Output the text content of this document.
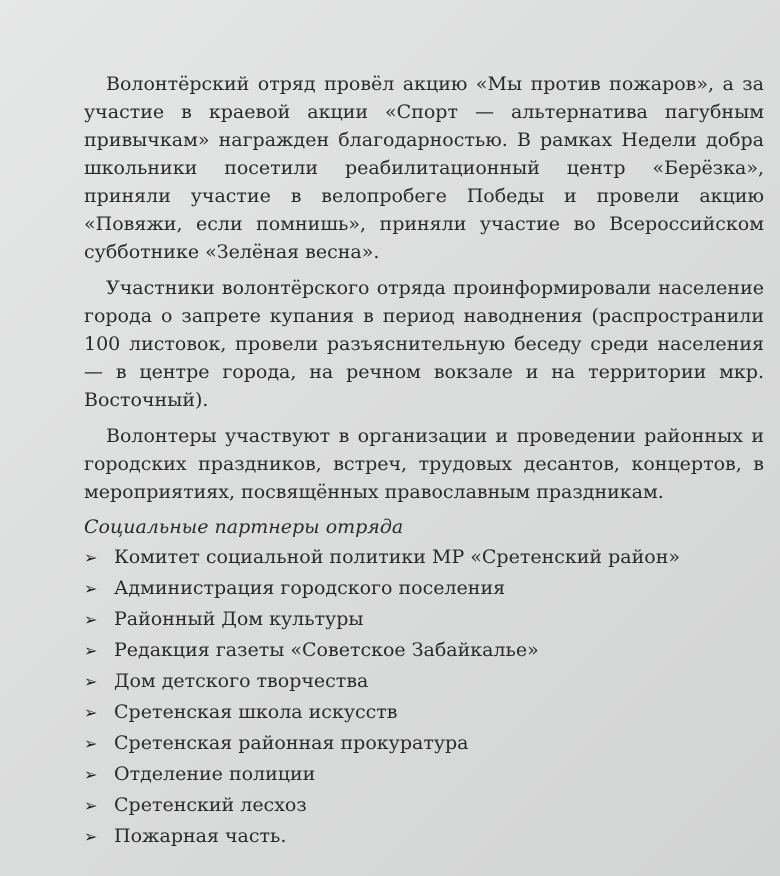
Волонтёрский отряд провёл акцию «Мы против пожаров», а за участие в краевой акции «Спорт — альтернатива пагубным привычкам» награжден благодарностью. В рамках Недели добра школьники посетили реабилитационный центр «Берёзка», приняли участие в велопробеге Победы и провели акцию «Повяжи, если помнишь», приняли участие во Всероссийском субботнике «Зелёная весна».

Участники волонтёрского отряда проинформировали население города о запрете купания в период наводнения (распространили 100 листовок, провели разъяснительную беседу среди населения — в центре города, на речном вокзале и на территории мкр. Восточный).

Волонтеры участвуют в организации и проведении районных и городских праздников, встреч, трудовых десантов, концертов, в мероприятиях, посвящённых православным праздникам.

Социальные партнеры отряда

➢ Комитет социальной политики МР «Сретенский район»
➢ Администрация городского поселения
➢ Районный Дом культуры
➢ Редакция газеты «Советское Забайкалье»
➢ Дом детского творчества
➢ Сретенская школа искусств
➢ Сретенская районная прокуратура
➢ Отделение полиции
➢ Сретенский лесхоз
➢ Пожарная часть.
